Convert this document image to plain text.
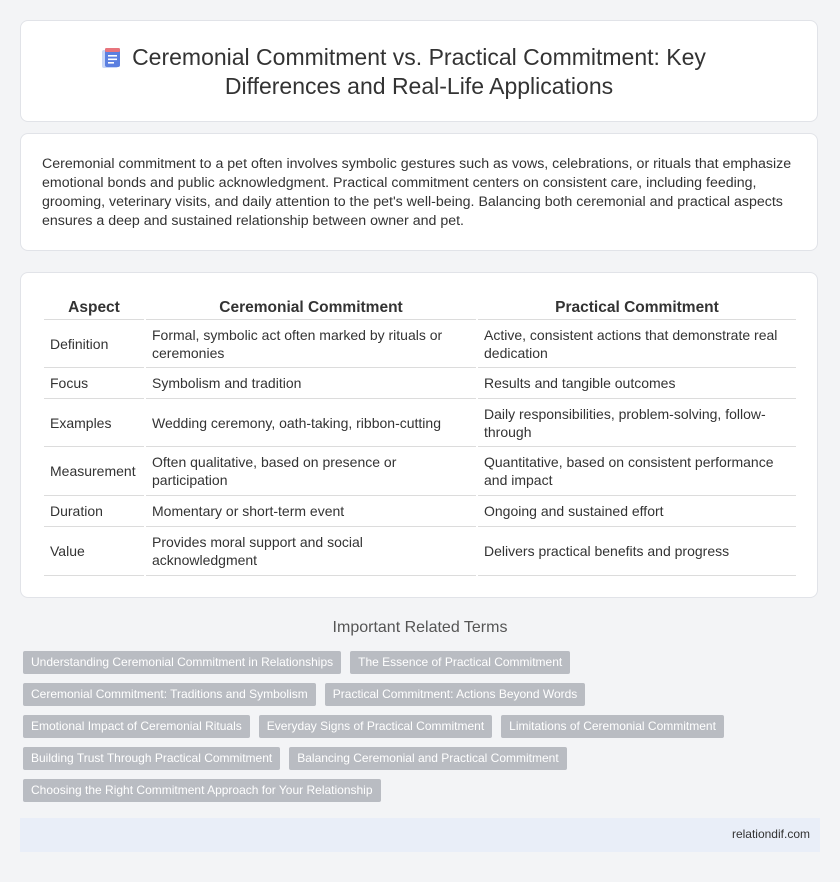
Ceremonial Commitment vs. Practical Commitment: Key
Differences and Real-Life Applications

Ceremonial commitment to a pet often involves symbolic gestures such as vows, celebrations, or rituals that emphasize emotional bonds and public acknowledgment. Practical commitment centers on consistent care, including feeding, grooming, veterinary visits, and daily attention to the pet's well-being. Balancing both ceremonial and practical aspects ensures a deep and sustained relationship between owner and pet.

Aspect	Ceremonial Commitment	Practical Commitment
Definition	Formal, symbolic act often marked by rituals or ceremonies	Active, consistent actions that demonstrate real dedication
Focus	Symbolism and tradition	Results and tangible outcomes
Examples	Wedding ceremony, oath-taking, ribbon-cutting	Daily responsibilities, problem-solving, follow-through
Measurement	Often qualitative, based on presence or participation	Quantitative, based on consistent performance and impact
Duration	Momentary or short-term event	Ongoing and sustained effort
Value	Provides moral support and social acknowledgment	Delivers practical benefits and progress
Important Related Terms
Understanding Ceremonial Commitment in Relationships	The Essence of Practical Commitment
Ceremonial Commitment: Traditions and Symbolism	Practical Commitment: Actions Beyond Words
Emotional Impact of Ceremonial Rituals	Everyday Signs of Practical Commitment	Limitations of Ceremonial Commitment
Building Trust Through Practical Commitment	Balancing Ceremonial and Practical Commitment
Choosing the Right Commitment Approach for Your Relationship
relationdif.com
